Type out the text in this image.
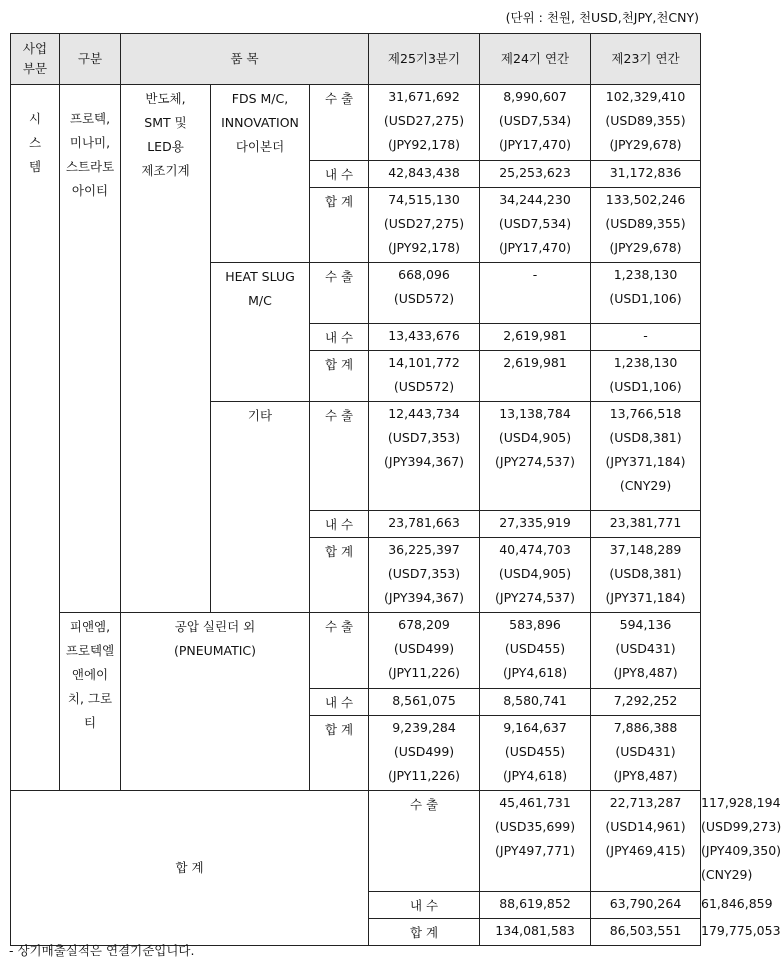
(단위 : 천원, 천USD,천JPY,천CNY)
사업
부문	구분	품 목			제25기3분기	제24기 연간	제23기 연간	

시
스
템	프로텍,
미나미,
스트라토
아이티	반도체,
SMT 및
LED용
제조기계	FDS M/C,
INNOVATION
다이본더	수 출	31,671,692
(USD27,275)
(JPY92,178)	8,990,607
(USD7,534)
(JPY17,470)	102,329,410
(USD89,355)
(JPY29,678)	

				내 수	42,843,438	25,253,623	31,172,836	

				합 계	74,515,130
(USD27,275)
(JPY92,178)	34,244,230
(USD7,534)
(JPY17,470)	133,502,246
(USD89,355)
(JPY29,678)	

			HEAT SLUG
M/C	수 출	668,096
(USD572)	-	1,238,130
(USD1,106)	

				내 수	13,433,676	2,619,981	-	

				합 계	14,101,772
(USD572)	2,619,981	1,238,130
(USD1,106)	

			기타	수 출	12,443,734
(USD7,353)
(JPY394,367)	13,138,784
(USD4,905)
(JPY274,537)	13,766,518
(USD8,381)
(JPY371,184)
(CNY29)	

				내 수	23,781,663	27,335,919	23,381,771	

				합 계	36,225,397
(USD7,353)
(JPY394,367)	40,474,703
(USD4,905)
(JPY274,537)	37,148,289
(USD8,381)
(JPY371,184)	

	피앤엠,
프로텍엘
앤에이
치, 그로
티	공압 실린더 외
(PNEUMATIC)		수 출	678,209
(USD499)
(JPY11,226)	583,896
(USD455)
(JPY4,618)	594,136
(USD431)
(JPY8,487)	

				내 수	8,561,075	8,580,741	7,292,252	

				합 계	9,239,284
(USD499)
(JPY11,226)	9,164,637
(USD455)
(JPY4,618)	7,886,388
(USD431)
(JPY8,487)	

합 계					수 출	45,461,731
(USD35,699)
(JPY497,771)	22,713,287
(USD14,961)
(JPY469,415)	117,928,194
(USD99,273)
(JPY409,350)
(CNY29)

					내 수	88,619,852	63,790,264	61,846,859

					합 계	134,081,583	86,503,551	179,775,053
- 상기매출실적은 연결기준입니다.
